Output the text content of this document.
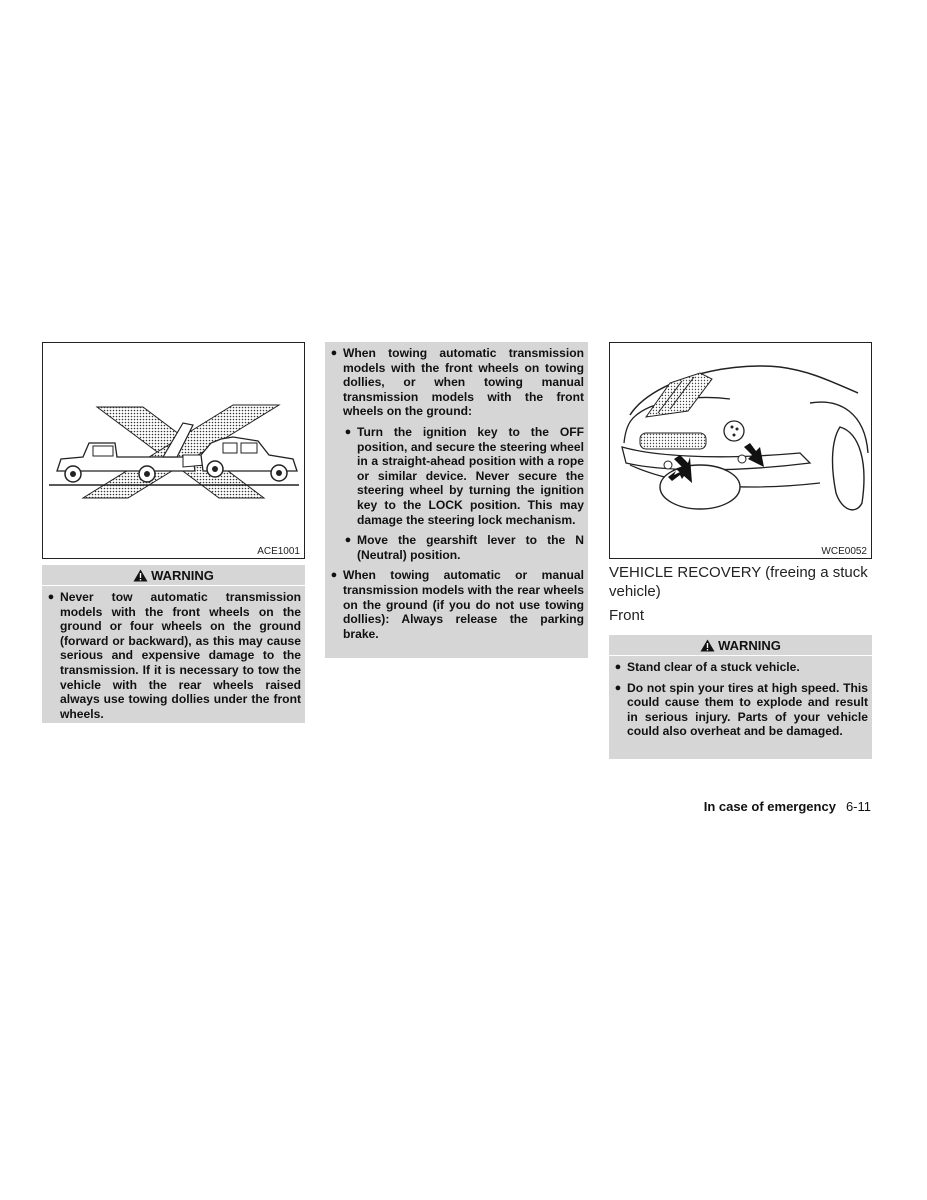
ACE1001
WARNING
● Never tow automatic transmission models with the front wheels on the ground or four wheels on the ground (forward or backward), as this may cause serious and expensive damage to the transmission. If it is necessary to tow the vehicle with the rear wheels raised always use towing dollies under the front wheels.
● When towing automatic transmission models with the front wheels on towing dollies, or when towing manual transmission models with the front wheels on the ground:
● Turn the ignition key to the OFF position, and secure the steering wheel in a straight-ahead position with a rope or similar device. Never secure the steering wheel by turning the ignition key to the LOCK position. This may damage the steering lock mechanism.
● Move the gearshift lever to the N (Neutral) position.
● When towing automatic or manual transmission models with the rear wheels on the ground (if you do not use towing dollies): Always release the parking brake.
WCE0052
VEHICLE RECOVERY (freeing a stuck vehicle)
Front
WARNING
● Stand clear of a stuck vehicle.
● Do not spin your tires at high speed. This could cause them to explode and result in serious injury. Parts of your vehicle could also overheat and be damaged.
In case of emergency 6-11
